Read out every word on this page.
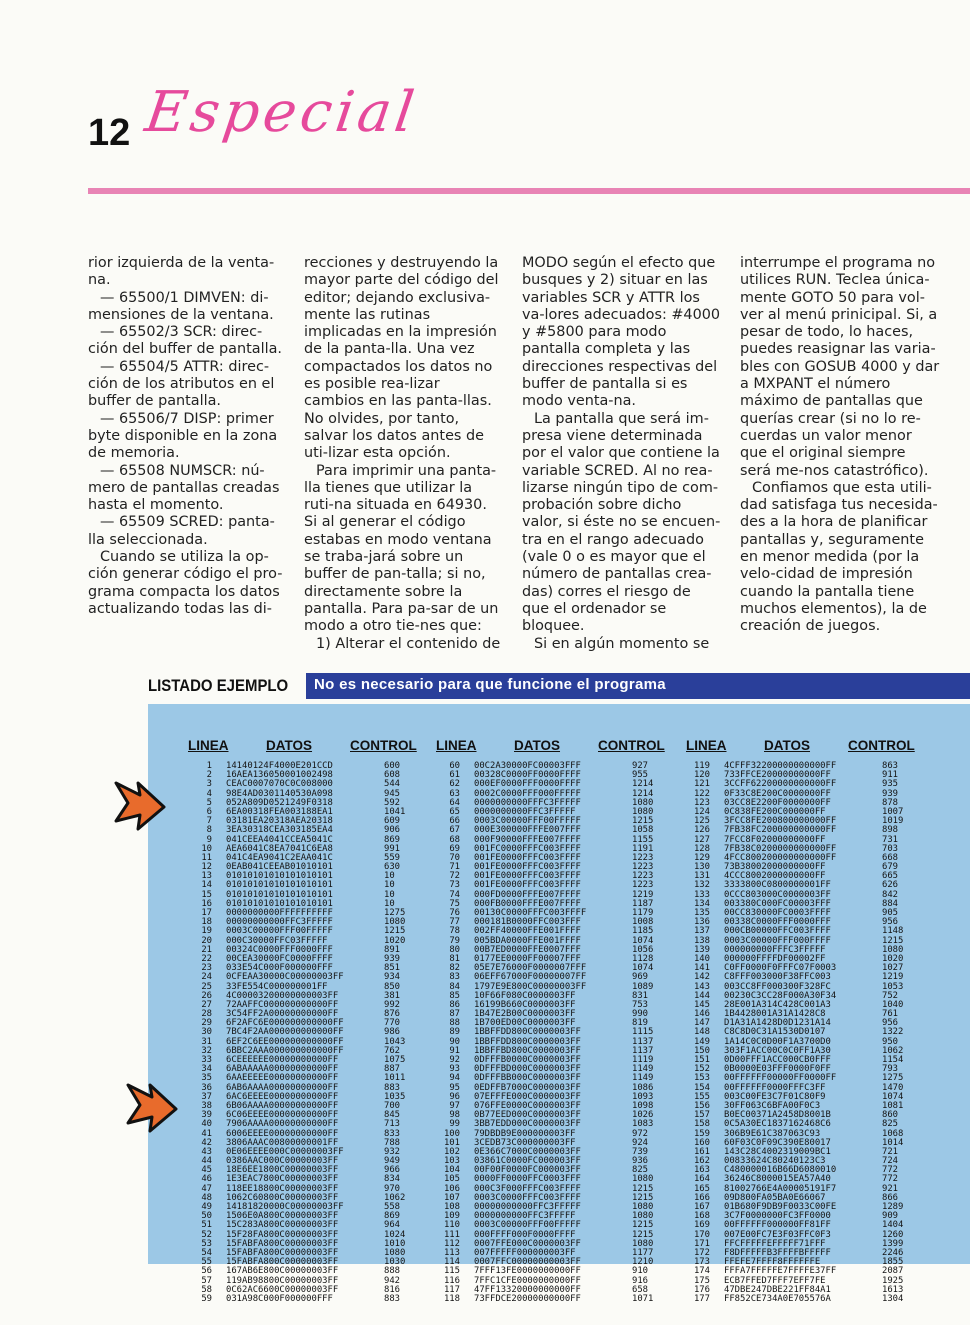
12 Especial

rior izquierda de la venta-na.

— 65500/1 DIMVEN: di-mensiones de la ventana.

— 65502/3 SCR: direc-ción del buffer de pantalla.

— 65504/5 ATTR: direc-ción de los atributos en el buffer de pantalla.

— 65506/7 DISP: primer byte disponible en la zona de memoria.

— 65508 NUMSCR: nú-mero de pantallas creadas hasta el momento.

— 65509 SCRED: panta-lla seleccionada.

Cuando se utiliza la op-ción generar código el pro-grama compacta los datos actualizando todas las di-

recciones y destruyendo la mayor parte del código del editor; dejando exclusiva-mente las rutinas implicadas en la impresión de la panta-lla. Una vez compactados los datos no es posible rea-lizar cambios en las panta-llas. No olvides, por tanto, salvar los datos antes de uti-lizar esta opción.

Para imprimir una panta-lla tienes que utilizar la ruti-na situada en 64930. Si al generar el código estabas en modo ventana se traba-jará sobre un buffer de pan-talla; si no, directamente sobre la pantalla. Para pa-sar de un modo a otro tie-nes que:

1) Alterar el contenido de

MODO según el efecto que busques y 2) situar en las variables SCR y ATTR los va-lores adecuados: #4000 y #5800 para modo pantalla completa y las direcciones respectivas del buffer de pantalla si es modo venta-na.

La pantalla que será im-presa viene determinada por el valor que contiene la variable SCRED. Al no rea-lizarse ningún tipo de com-probación sobre dicho valor, si éste no se encuen-tra en el rango adecuado (vale 0 o es mayor que el número de pantallas crea-das) corres el riesgo de que el ordenador se bloquee.

Si en algún momento se

interrumpe el programa no utilices RUN. Teclea única-mente GOTO 50 para vol-ver al menú prinicipal. Si, a pesar de todo, lo haces, puedes reasignar las varia-bles con GOSUB 4000 y dar a MXPANT el número máximo de pantallas que querías crear (si no lo re-cuerdas un valor menor que el original siempre será me-nos catastrófico).

Confiamos que esta utili-dad satisfaga tus necesida-des a la hora de planificar pantallas y, seguramente en menor medida (por la velo-cidad de impresión cuando la pantalla tiene muchos elementos), la de creación de juegos.

LISTADO EJEMPLO No es necesario para que funcione el programa
LINEA	DATOS	CONTROL
1 14140124F4000E201CCD	600
2 16AEA136050001002498	608
3 CEAC0007070C0C008000	544
4 98E4AD0301140530A098	945
5 052A809D0521249F0318	592
6 6EA00318FEA003188EA1	1041
7 03181EA20318AEA20318	609
8 3EA30318CEA303185EA4	906
9 041CEEA4041CCEA5041C	869
10 AEA6041C8EA7041C6EA8	991
11 041C4EA9041C2EAA041C	559
12 0EAB041CEEAB01010101	630
13 01010101010101010101	10
14 01010101010101010101	10
15 01010101010101010101	10
16 01010101010101010101	10
17 0000000000FFFFFFFFFF	1275
18 00000000000FFC3FFFFF	1080
19 0003C00000FFF00FFFFF	1215
20 000C30000FFC03FFFFF	1020
21 00324C0000FFF0000FFF	891
22 00CEA30000FC0000FFFF	939
23 033E54C000F000000FFF	851
24 0CFEAA30000C00000003FF	934
25 33FE554C000000001FF	850
26 4C00003200000000003FF	381
27 72AAFFC000000000000FF	992
28 3C54FF2A00000000000FF	876
29 6F2AFC6E000000000000FF	770
30 7BC4F2AA000000000000FF	986
31 6EF2C6EE000000000000FF	1043
32 6BBC2AAA000000000000FF	762
33 6CEEEEEE00000000000FF	1075
34 6ABAAAAA00000000000FF	887
35 6AAEEEEE00000000000FF	1011
36 6AB6AAAA00000000000FF	883
37 6AC6EEEE00000000000FF	1035
38 6B06AAAA00000000000FF	700
39 6C06EEEE00000000000FF	845
40 7906AAAA00000000000FF	713
41 6006EEEE00000000000FF	833
42 3806AAAC00800000001FF	788
43 0E06EEEE000C00000003FF	932
44 0386AAC000C00000003FF	949
45 18E6EE1800C00000003FF	966
46 1E3EAC7800C00000003FF	834
47 118EE18800C00000003FF	970
48 1062C60800C00000003FF	1062
49 14181820000C00000003FF	558
50 1506E0A800C00000003FF	869
51 15C283A800C00000003FF	964
52 15F28FA800C00000003FF	1024
53 15FABFA800C00000003FF	1010
54 15FABFA800C00000003FF	1080
55 15FABFA800C00000003FF	1030
56 167AB6E800C00000003FF	888
57 119AB98800C00000003FF	942
58 0C62AC6600C00000003FF	816
59 031A98C000F000000FFF	883
LINEA	DATOS	CONTROL
60 00C2A30000FC00003FFF	927
61 00328C0000FF0000FFFF	955
62 000EF0000FFF0000FFFF	1214
63 0002C0000FFF000FFFFF	1214
64 0000000000FFFC3FFFFF	1080
65 0000000000FFC3FFFFF	1080
66 0003C00000FFF00FFFFF	1215
67 000E300000FFFE007FFF	1058
68 000F90000FFFE007FFFF	1155
69 001FC0000FFFC003FFFF	1191
70 001FE0000FFFC003FFFF	1223
71 001FE0000FFFC003FFFF	1223
72 001FE0000FFFC003FFFF	1223
73 001FE0000FFFC003FFFF	1223
74 000FD0000FFFE007FFFF	1219
75 000FB0000FFFE007FFFF	1187
76 00130C0000FFFC003FFFF	1179
77 000181B0000FFC003FFF	1008
78 002FF40000FFE001FFFF	1185
79 005BDA0000FFE001FFFF	1074
80 00B7ED0000FFE0007FFF	1056
81 0177EE0000FF00007FFF	1128
82 05E7E76000F0000007FFF	1074
83 06EFF67000F00000007FF	969
84 1797E9E800C00000003FF	1089
85 10F66F080C0000003FF	831
86 16199B660C0000003FF	753
87 1B47E2B00C0000003FF	990
88 1B700ED00C0000003FF	819
89 1BBFFDD800C0000003FF	1115
90 1BBFFDD800C0000003FF	1137
91 1BBFFBD800C0000003FF	1137
92 0DFFFB0000C0000003FF	1119
93 0DFFFBD000C0000003FF	1149
94 0DFFFBB000C0000003FF	1149
95 0EDFFB7000C0000003FF	1086
96 07EFFFE000C0000003FF	1093
97 076FFE0000C0000003FF	1098
98 0B77EED000C0000003FF	1026
99 3BB7EDD000C0000003FF	1083
100 79DBDB9E000000003FF	972
101 3CEDB73C000000003FF	924
102 0E366C7000C0000003FF	739
103 03861C0000FC000003FF	936
104 00F00F0000FC000003FF	825
105 0000FF0000FFC0003FFF	1080
106 000C3F000FFFC003FFFF	1215
107 0003C0000FFFC003FFFF	1215
108 00000000000FFC3FFFFF	1080
109 0000000000FFC3FFFFF	1080
110 0003C00000FFF00FFFFF	1215
111 000FFFF000F0000FFFF	1215
112 0007FFE000C0000003FF	1080
113 007FFFFF000000003FF	1177
114 0007FFC00000000003FF	1210
115 7FFF13FE0000000000FF	910
116 7FFC1CFE0000000000FF	916
117 47FF13320000000000FF	658
118 73FFDCE20000000000FF	1071
LINEA	DATOS	CONTROL
119 4CFFF32200000000000FF	863
120 733FFCE20000000000FF	911
121 3CCFF62200000000000FF	935
122 0F33C8E200C0000000FF	939
123 03CC8E2200F0000000FF	878
124 0C838FE200C000000FF	1007
125 3FCC8FE200800000000FF	1019
126 7FB38FC200000000000FF	898
127 7FCC8F02000000000FF	731
128 7FB38C0200000000000FF	703
129 4FCC800200000000000FF	668
130 73B38002000000000FF	679
131 4CCC8002000000000FF	665
132 3333800C0800000001FF	626
133 0CCC803000C0000003FF	842
134 003380C000FC00003FFF	884
135 00CC830000FC0003FFFF	905
136 00338C0000FFF0000FFF	956
137 000CB00000FFC003FFFF	1148
138 0003C00000FFF000FFFF	1215
139 000000000FFFC3FFFFF	1080
140 000000FFFFDF00002FF	1020
141 C0FF0000F0FFFC07F0003	1027
142 C8FFF003000F38FFC003	1219
143 003CC8FF000300F328FC	1053
144 00230C3CC28F000A30F34	752
145 28E001A314C428C001A3	1040
146 1B4428001A31A1428C8	761
147 D1A31A1428D0D1231A14	956
148 C8C8D0C31A1530D0107	1322
149 1A14C0C0D00F1A3700D0	950
150 303F1ACC00C0C0FF1A30	1062
151 0D00FFF1ACC000CB0FFF	1154
152 0B0000E03FFF0000F0FF	793
153 00FFFFFF00000FF0000FF	1275
154 00FFFFFF0000FFFC3FF	1470
155 003C00FE3C7F01C80F9	1074
156 30FF063C6BFA00F0C3	1081
157 B0EC00371A2458D8001B	860
158 0C5A30EC1837162468C6	825
159 306B9E61C387063C93	1068
160 60F03C0F09C390E80017	1014
161 143C28C4002319009BC1	721
162 00833624C80240123C3	724
163 C480000016B66D6080010	772
164 36246C8000015EA57A40	772
165 81002766E4A00005191F7	921
166 09D800FA05BA0E66067	866
167 01B680F9DB9F0033C00FE	1289
168 3C7F0000000FC3FF0000	909
169 00FFFFFF000000FF81FF	1404
170 007E00FC7E3F03FFC0F3	1260
171 FFCFFFFFEFFFFF71FFF	1399
172 F8DFFFFFB3FFFFBFFFFF	2246
173 FFEFE7FFFF8FFFFFFE	1855
174 FFFA7FFFFFE7FFFFE37FF	2087
175 ECB7FFED7FFF7EFF7FE	1925
176 47DBE247DBE221FF84A1	1613
177 FF852CE734A0E705576A	1304
